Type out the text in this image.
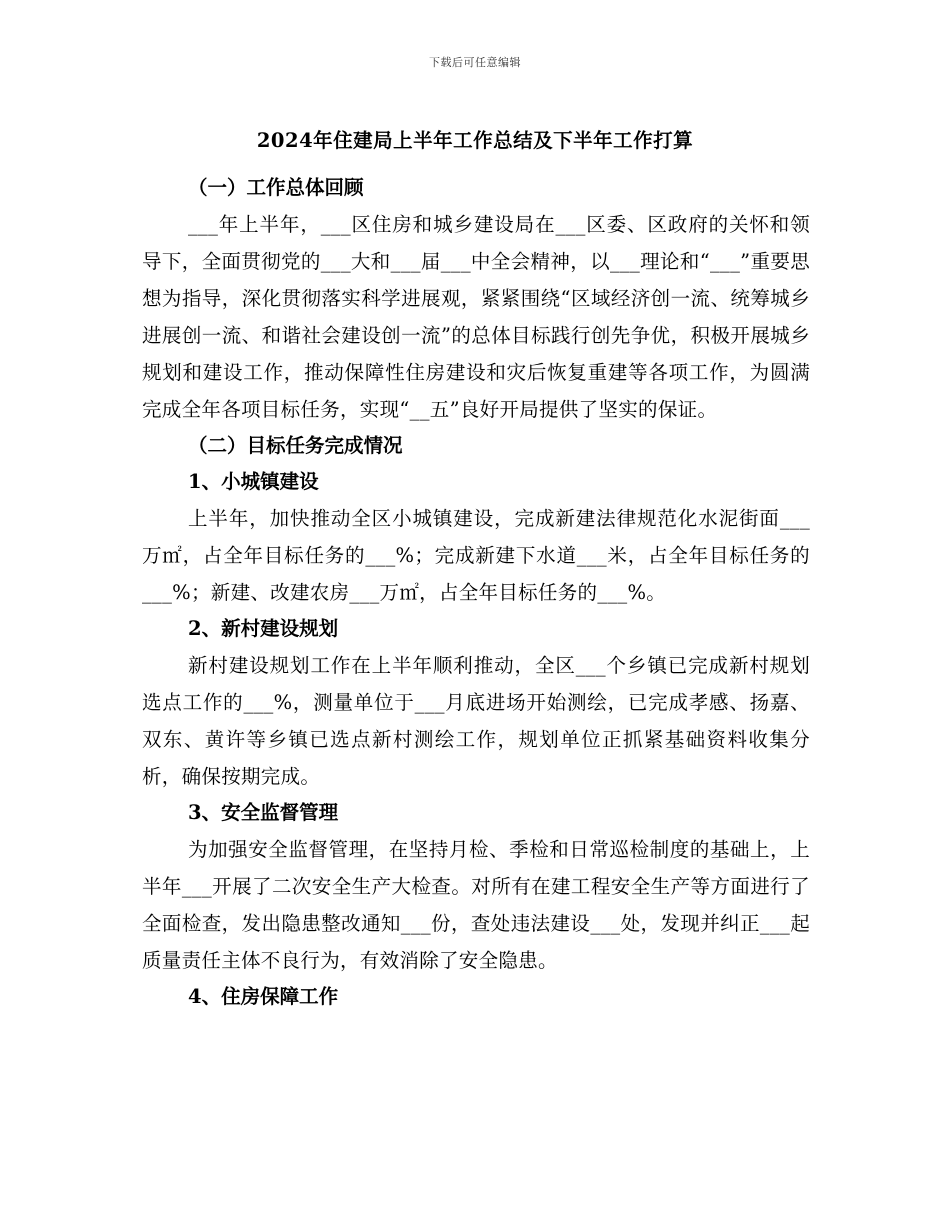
下载后可任意编辑
2024年住建局上半年工作总结及下半年工作打算
（一）工作总体回顾
___年上半年，___区住房和城乡建设局在___区委、区政府的关怀和领导下，全面贯彻党的___大和___届___中全会精神，以___理论和“___”重要思想为指导，深化贯彻落实科学进展观，紧紧围绕“区域经济创一流、统筹城乡进展创一流、和谐社会建设创一流”的总体目标践行创先争优，积极开展城乡规划和建设工作，推动保障性住房建设和灾后恢复重建等各项工作，为圆满完成全年各项目标任务，实现“__五”良好开局提供了坚实的保证。
（二）目标任务完成情况
1、小城镇建设
上半年，加快推动全区小城镇建设，完成新建法律规范化水泥街面___万㎡，占全年目标任务的___%；完成新建下水道___米，占全年目标任务的___%；新建、改建农房___万㎡，占全年目标任务的___%。
2、新村建设规划
新村建设规划工作在上半年顺利推动，全区___个乡镇已完成新村规划选点工作的___%，测量单位于___月底进场开始测绘，已完成孝感、扬嘉、双东、黄许等乡镇已选点新村测绘工作，规划单位正抓紧基础资料收集分析，确保按期完成。
3、安全监督管理
为加强安全监督管理，在坚持月检、季检和日常巡检制度的基础上，上半年___开展了二次安全生产大检查。对所有在建工程安全生产等方面进行了全面检查，发出隐患整改通知___份，查处违法建设___处，发现并纠正___起质量责任主体不良行为，有效消除了安全隐患。
4、住房保障工作
